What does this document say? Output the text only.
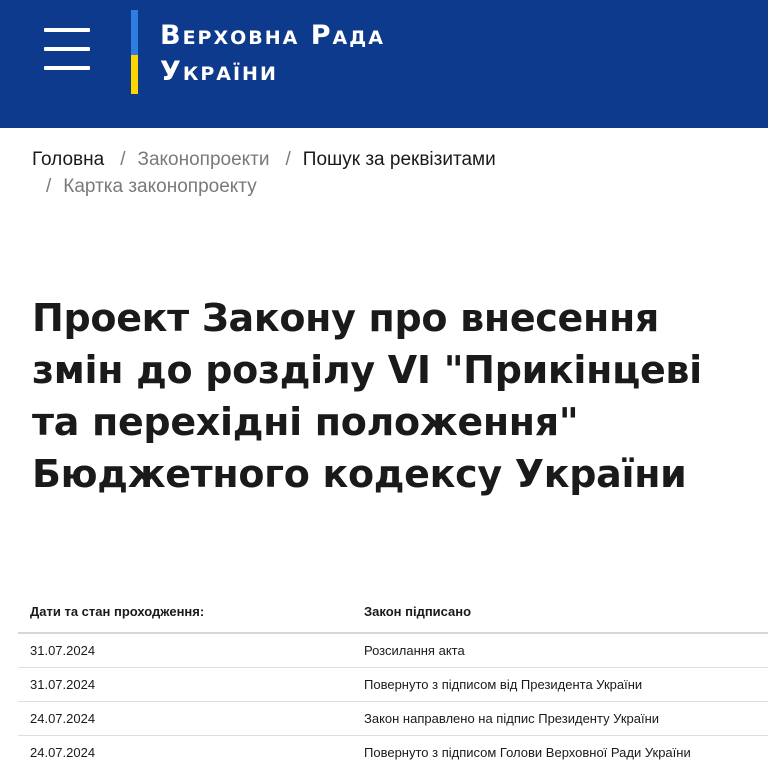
Верховна Рада
України
Головна / Законопроекти / Пошук за реквізитами
/ Картка законопроекту
Проект Закону про внесення змін до розділу VI "Прикінцеві та перехідні положення" Бюджетного кодексу України
Дати та стан проходження:	Закон підписано
31.07.2024	Розсилання акта
31.07.2024	Повернуто з підписом від Президента України
24.07.2024	Закон направлено на підпис Президенту України
24.07.2024	Повернуто з підписом Голови Верховної Ради України
